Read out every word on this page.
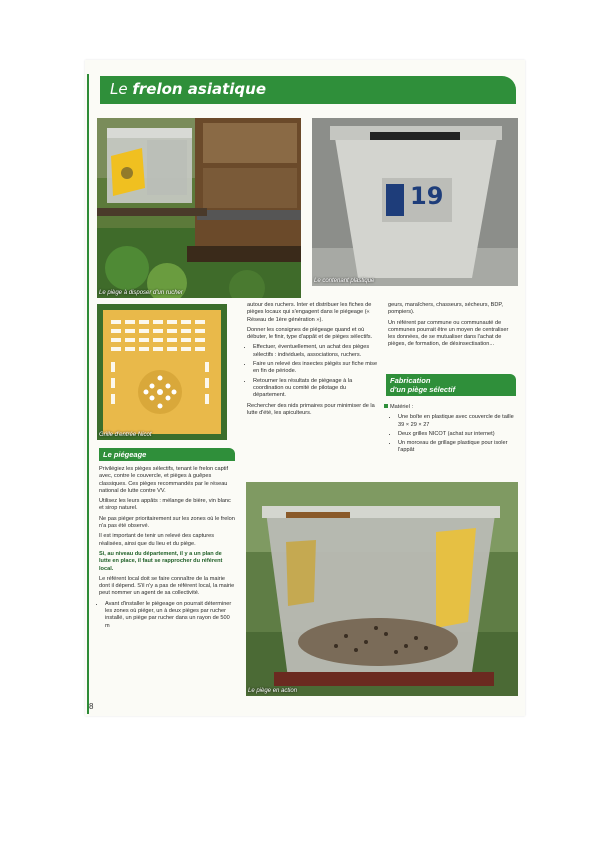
Le frelon asiatique
Le piège à disposer d'un rucher
19
Le contenant plastique
Grille d'entrée Nicot
Le piégeage

Privilégiez les pièges sélectifs, tenant le frelon captif avec, contre le couvercle, et pièges à guêpes classiques. Ces pièges recommandés par le réseau national de lutte contre VV.

Utilisez les leurs appâts : mélange de bière, vin blanc et sirop naturel.

Ne pas piéger prioritairement sur les zones où le frelon n'a pas été observé.

Il est important de tenir un relevé des captures réalisées, ainsi que du lieu et du piège.

Si, au niveau du département, il y a un plan de lutte en place, il faut se rapprocher du référent local.

Le référent local doit se faire connaître de la mairie dont il dépend. S'il n'y a pas de référent local, la mairie peut nommer un agent de sa collectivité.

• Avant d'installer le piégeage on pourrait déterminer les zones où piéger, un à deux pièges par rucher installé, un piège par rucher dans un rayon de 500 m

autour des ruchers. Inter et distribuer les fiches de pièges locaux qui s'engagent dans le piégeage (« Réseau de 1ère génération »).

Donner les consignes de piégeage quand et où débuter, le finir, type d'appât et de pièges sélectifs.

• Effectuer, éventuellement, un achat des pièges sélectifs : individuels, associations, ruchers.
• Faire un relevé des insectes piégés sur fiche mise en fin de période.
• Retourner les résultats de piégeage à la coordination ou comité de pilotage du département.

Rechercher des nids primaires pour minimiser de la lutte d'été, les apiculteurs.

geurs, maraîchers, chasseurs, sécheurs, BDP, pompiers).

Un référent par commune ou communauté de communes pourrait être un moyen de centraliser les données, de se mutualiser dans l'achat de pièges, de formation, de désinsectisation...

Fabrication
d'un piège sélectif

Matériel :

• Une boîte en plastique avec couvercle de taille 39 × 29 × 27
• Deux grilles NICOT (achat sur internet)
• Un morceau de grillage plastique pour isoler l'appât
Le piège en action
8
